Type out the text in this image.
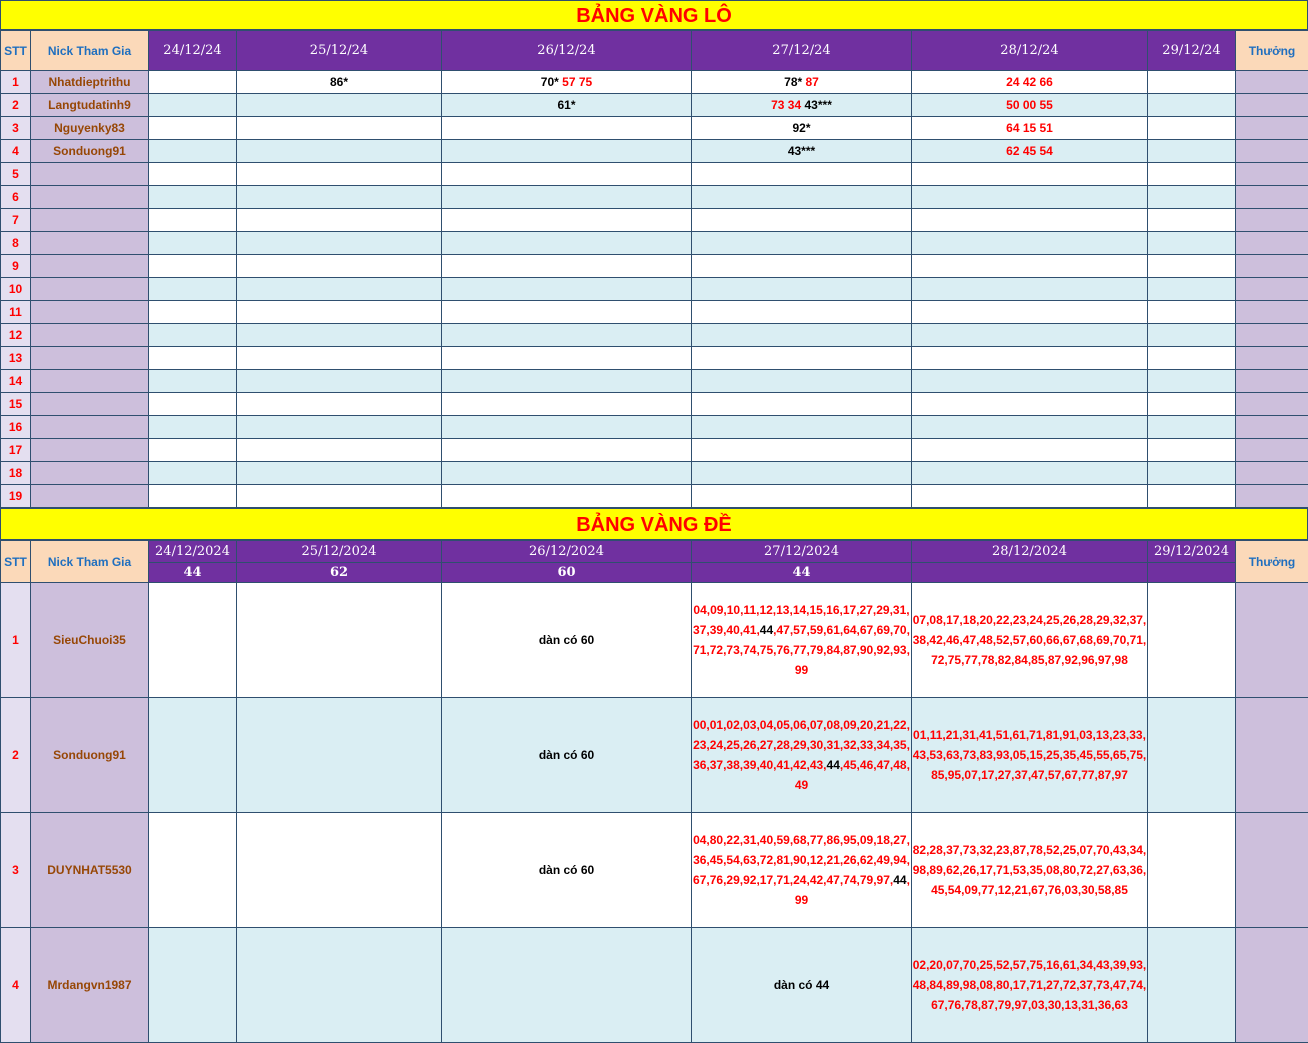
BẢNG VÀNG LÔ
STT	Nick Tham Gia	24/12/24	25/12/24	26/12/24	27/12/24	28/12/24	29/12/24	Thưởng
1	Nhatdieptrithu		86*	70* 57 75	78* 87	24 42 66		
2	Langtudatinh9			61*	73 34 43***	50 00 55		
3	Nguyenky83				92*	64 15 51		
4	Sonduong91				43***	62 45 54		
5								
6								
7								
8								
9								
10								
11								
12								
13								
14								
15								
16								
17								
18								
19								
BẢNG VÀNG ĐỀ
STT	Nick Tham Gia	24/12/2024	25/12/2024	26/12/2024	27/12/2024	28/12/2024	29/12/2024	Thưởng
		44	62	60	44			
1	SieuChuoi35			dàn có 60	04,09,10,11,12,13,14,15,16,17,27,29,31,37,39,40,41,44,47,57,59,61,64,67,69,70,71,72,73,74,75,76,77,79,84,87,90,92,93,99	07,08,17,18,20,22,23,24,25,26,28,29,32,37,38,42,46,47,48,52,57,60,66,67,68,69,70,71,72,75,77,78,82,84,85,87,92,96,97,98		

2	Sonduong91			dàn có 60	00,01,02,03,04,05,06,07,08,09,20,21,22,23,24,25,26,27,28,29,30,31,32,33,34,35,36,37,38,39,40,41,42,43,44,45,46,47,48,49	01,11,21,31,41,51,61,71,81,91,03,13,23,33,43,53,63,73,83,93,05,15,25,35,45,55,65,75,85,95,07,17,27,37,47,57,67,77,87,97		

3	DUYNHAT5530			dàn có 60	04,80,22,31,40,59,68,77,86,95,09,18,27,36,45,54,63,72,81,90,12,21,26,62,49,94,67,76,29,92,17,71,24,42,47,74,79,97,44,99	82,28,37,73,32,23,87,78,52,25,07,70,43,34,98,89,62,26,17,71,53,35,08,80,72,27,63,36,45,54,09,77,12,21,67,76,03,30,58,85		

4	Mrdangvn1987				dàn có 44	02,20,07,70,25,52,57,75,16,61,34,43,39,93,48,84,89,98,08,80,17,71,27,72,37,73,47,74,67,76,78,87,79,97,03,30,13,31,36,63		
